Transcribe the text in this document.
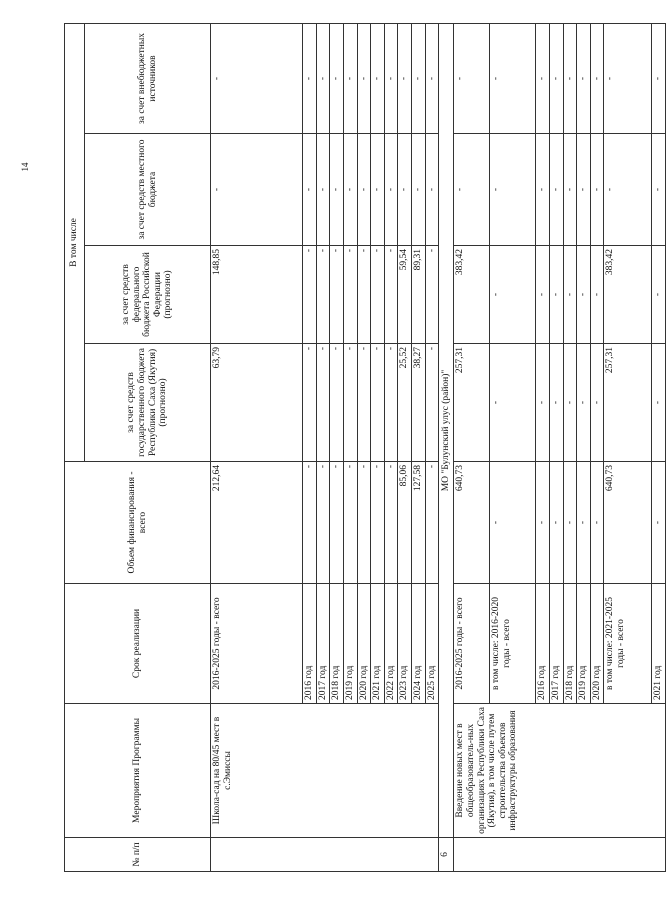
14
№ п/п	Мероприятия Программы	Срок реализации	Объем финансирования - всего	В том числе			
				за счет средств государственного бюджета Республики Саха (Якутия) (прогнозно)	за счет средств федерального бюджета Российской Федерации (прогнозно)	за счет средств местного бюджета	за счет внебюджетных источников
	Школа-сад на 80/45 мест в с.Эмиссы	2016-2025 годы - всего	212,64	63,79	148,85	-	-
		2016 год	-	-	-	-	-
		2017 год	-	-	-	-	-
		2018 год	-	-	-	-	-
		2019 год	-	-	-	-	-
		2020 год	-	-	-	-	-
		2021 год	-	-	-	-	-
		2022 год	-	-	-	-	-
		2023 год	85,06	25,52	59,54	-	-
		2024 год	127,58	38,27	89,31	-	-
		2025 год	-	-	-	-	-
6	МО "Булунский улус (район)"						
	Введение новых мест в общеобразователь-ных организациях Республики Саха (Якутия), в том числе путем строительства объектов инфраструктуры образования	2016-2025 годы - всего	640,73	257,31	383,42	-	-
		в том числе: 2016-2020 годы - всего	-	-	-	-	-
		2016 год	-	-	-	-	-
		2017 год	-	-	-	-	-
		2018 год	-	-	-	-	-
		2019 год	-	-	-	-	-
		2020 год	-	-	-	-	-
		в том числе: 2021-2025 годы - всего	640,73	257,31	383,42	-	-
		2021 год	-	-	-	-	-
